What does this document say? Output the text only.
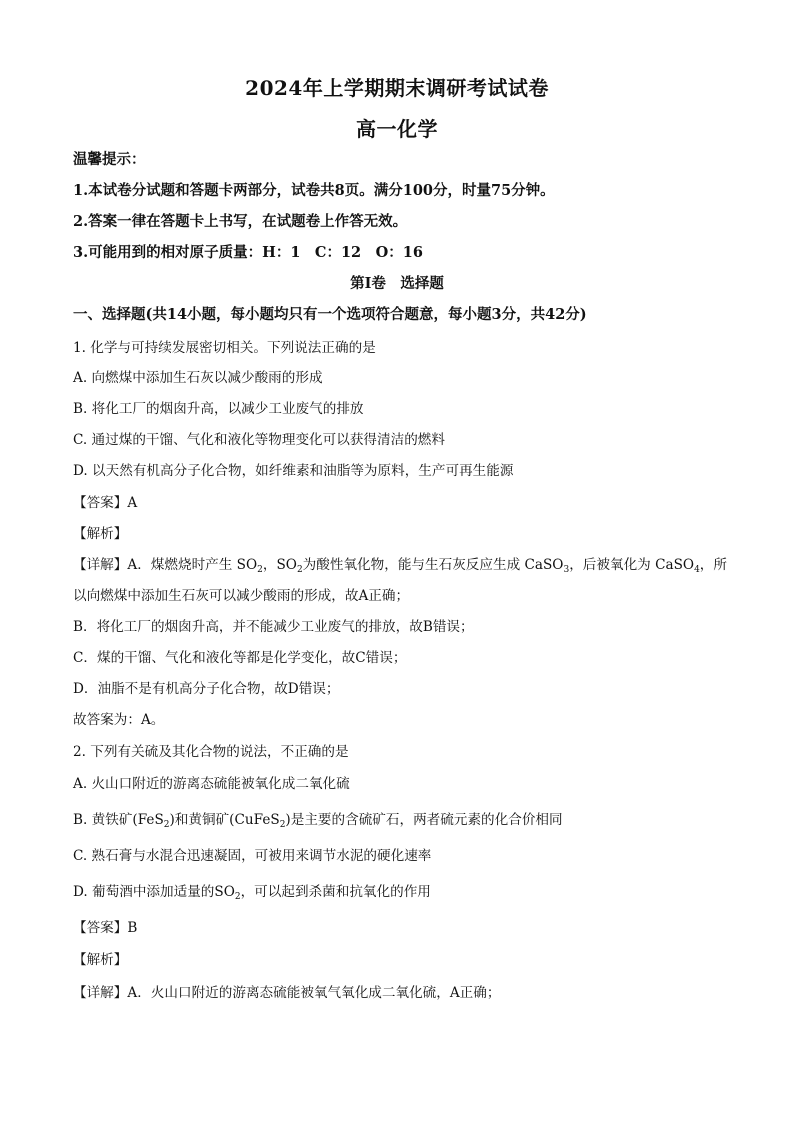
2024年上学期期末调研考试试卷
高一化学
温馨提示：
1.本试卷分试题和答题卡两部分，试卷共8页。满分100分，时量75分钟。
2.答案一律在答题卡上书写，在试题卷上作答无效。
3.可能用到的相对原子质量：H：1　C：12　O：16
第Ⅰ卷　选择题
一、选择题(共14小题，每小题均只有一个选项符合题意，每小题3分，共42分)
1. 化学与可持续发展密切相关。下列说法正确的是
A. 向燃煤中添加生石灰以减少酸雨的形成
B. 将化工厂的烟囱升高，以减少工业废气的排放
C. 通过煤的干馏、气化和液化等物理变化可以获得清洁的燃料
D. 以天然有机高分子化合物，如纤维素和油脂等为原料，生产可再生能源
【答案】A
【解析】
【详解】A．煤燃烧时产生 $SO_2$，$SO_2$为酸性氧化物，能与生石灰反应生成 CaSO$_3$，后被氧化为 CaSO$_4$，所
以向燃煤中添加生石灰可以减少酸雨的形成，故A正确；
B．将化工厂的烟囱升高，并不能减少工业废气的排放，故B错误；
C．煤的干馏、气化和液化等都是化学变化，故C错误；
D．油脂不是有机高分子化合物，故D错误；
故答案为：A。
2. 下列有关硫及其化合物的说法，不正确的是
A. 火山口附近的游离态硫能被氧化成二氧化硫
B. 黄铁矿(FeS$_2$)和黄铜矿(CuFeS$_2$)是主要的含硫矿石，两者硫元素的化合价相同
C. 熟石膏与水混合迅速凝固，可被用来调节水泥的硬化速率
D. 葡萄酒中添加适量的$SO_2$，可以起到杀菌和抗氧化的作用
【答案】B
【解析】
【详解】A．火山口附近的游离态硫能被氧气氧化成二氧化硫，A正确；
